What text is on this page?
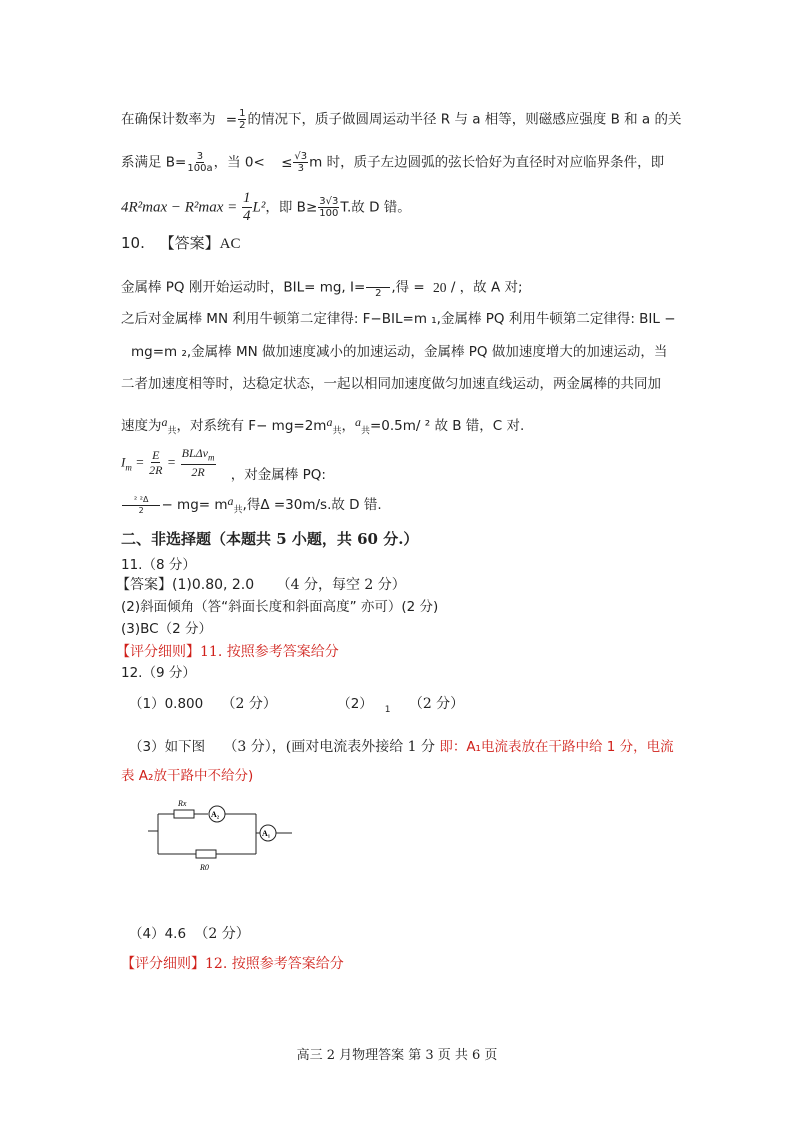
在确保计数率为 = $\frac{1}{2}$ 的情况下，质子做圆周运动半径 R 与 a 相等，则磁感应强度 B 和 a 的关
系满足 $B= \frac{3}{100a}$ ，当 $0< \le \frac{√3}{3}$ m 时，质子左边圆弧的弦长恰好为直径时对应临界条件，即
$4R^2\max - R^2\max = \frac{1}{4} L^2$，即 $B\ge \frac{3√3}{100} T$.故 D 错。
10. 【答案】AC
金属棒 PQ 刚开始运动时，BIL= mg, I=
2 ,得 = 20 / ，故 A 对;
之后对金属棒 MN 利用牛顿第二定律得: F−BIL=m ₁,金属棒 PQ 利用牛顿第二定律得: BIL −
mg=m ₂,金属棒 MN 做加速度减小的加速运动，金属棒 PQ 做加速度增大的加速运动，当
二者加速度相等时，达稳定状态，一起以相同加速度做匀加速直线运动，两金属棒的共同加
速度为$a_共$，对系统有 $F- mg=2ma_共$，$a_共=0.5m/$ ² 故 B 错，C 对.
$I_m = \frac{E}{2R} = \frac{BL\Delta v_m}{2R}$ ，对金属棒 PQ:
$\frac{\text{² ²Δ}}{2} - mg= ma_共$,得Δ =30m/s.故 D 错.
二、非选择题（本题共 5 小题，共 60 分.）
11.（8 分）
【答案】(1)0.80, 2.0 （4 分，每空 2 分）
(2)斜面倾角（答“斜面长度和斜面高度” 亦可）(2 分)
(3)BC（2 分）
【评分细则】11. 按照参考答案给分
12.（9 分）
（1）0.800 （2 分）	（2） $_1$ （2 分）
（3）如下图 （3 分），(画对电流表外接给 1 分 即：A₁电流表放在干路中给 1 分，电流
表 A₂放干路中不给分)
Rx
A₂
R0
A₁
（4）4.6 （2 分）
【评分细则】12. 按照参考答案给分
高三 2 月物理答案 第 3 页 共 6 页
